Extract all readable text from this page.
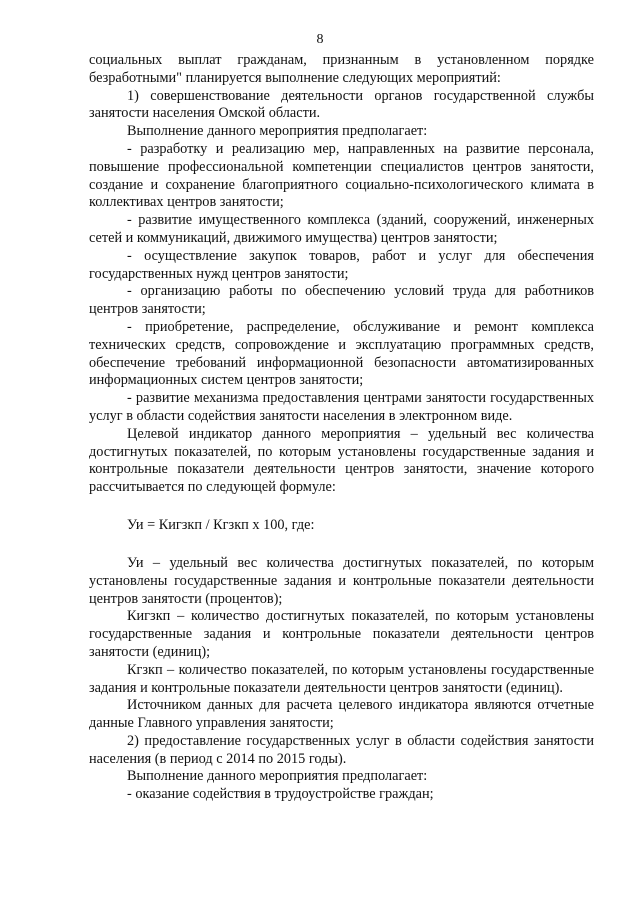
8

социальных выплат гражданам, признанным в установленном порядке безработными" планируется выполнение следующих мероприятий:

1) совершенствование деятельности органов государственной службы занятости населения Омской области.

Выполнение данного мероприятия предполагает:

- разработку и реализацию мер, направленных на развитие персонала, повышение профессиональной компетенции специалистов центров занятости, создание и сохранение благоприятного социально-психологического климата в коллективах центров занятости;

- развитие имущественного комплекса (зданий, сооружений, инженерных сетей и коммуникаций, движимого имущества) центров занятости;

- осуществление закупок товаров, работ и услуг для обеспечения государственных нужд центров занятости;

- организацию работы по обеспечению условий труда для работников центров занятости;

- приобретение, распределение, обслуживание и ремонт комплекса технических средств, сопровождение и эксплуатацию программных средств, обеспечение требований информационной безопасности автоматизированных информационных систем центров занятости;

- развитие механизма предоставления центрами занятости государственных услуг в области содействия занятости населения в электронном виде.

Целевой индикатор данного мероприятия – удельный вес количества достигнутых показателей, по которым установлены государственные задания и контрольные показатели деятельности центров занятости, значение которого рассчитывается по следующей формуле:

Уи = Кигзкп / Кгзкп х 100, где:

Уи – удельный вес количества достигнутых показателей, по которым установлены государственные задания и контрольные показатели деятельности центров занятости (процентов);

Кигзкп – количество достигнутых показателей, по которым установлены государственные задания и контрольные показатели деятельности центров занятости (единиц);

Кгзкп – количество показателей, по которым установлены государственные задания и контрольные показатели деятельности центров занятости (единиц).

Источником данных для расчета целевого индикатора являются отчетные данные Главного управления занятости;

2) предоставление государственных услуг в области содействия занятости населения (в период с 2014 по 2015 годы).

Выполнение данного мероприятия предполагает:

- оказание содействия в трудоустройстве граждан;
